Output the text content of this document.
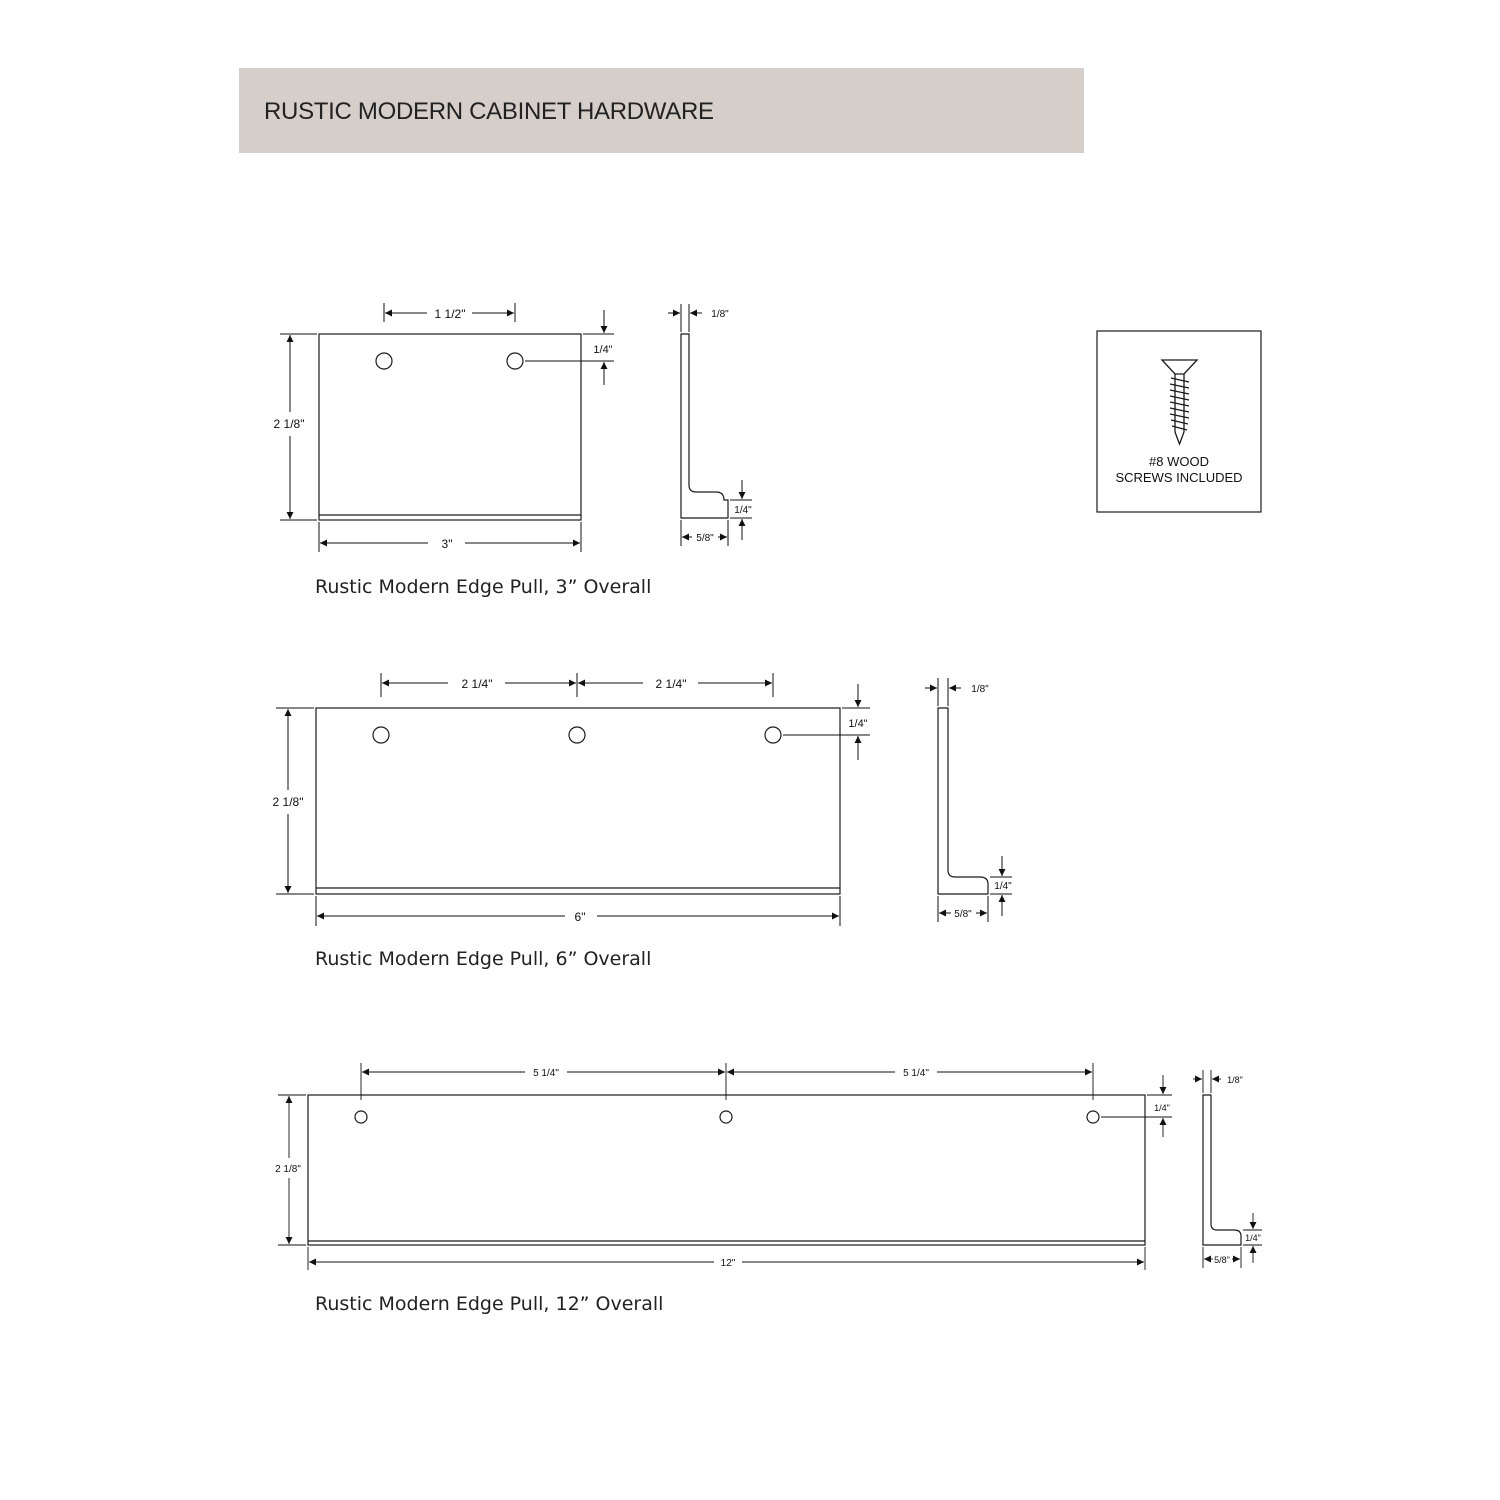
RUSTIC MODERN CABINET HARDWARE
1 1/2"
2 1/8"
3"
1/4"
1/8"
1/4"
5/8"
Rustic Modern Edge Pull, 3” Overall
2 1/4"	2 1/4"
2 1/8"
6"
1/4"
1/8"
1/4"
5/8"
Rustic Modern Edge Pull, 6” Overall
5 1/4"	5 1/4"
2 1/8"
12"
1/4"
1/8"
1/4"
5/8"
Rustic Modern Edge Pull, 12” Overall
#8 WOOD
SCREWS INCLUDED
